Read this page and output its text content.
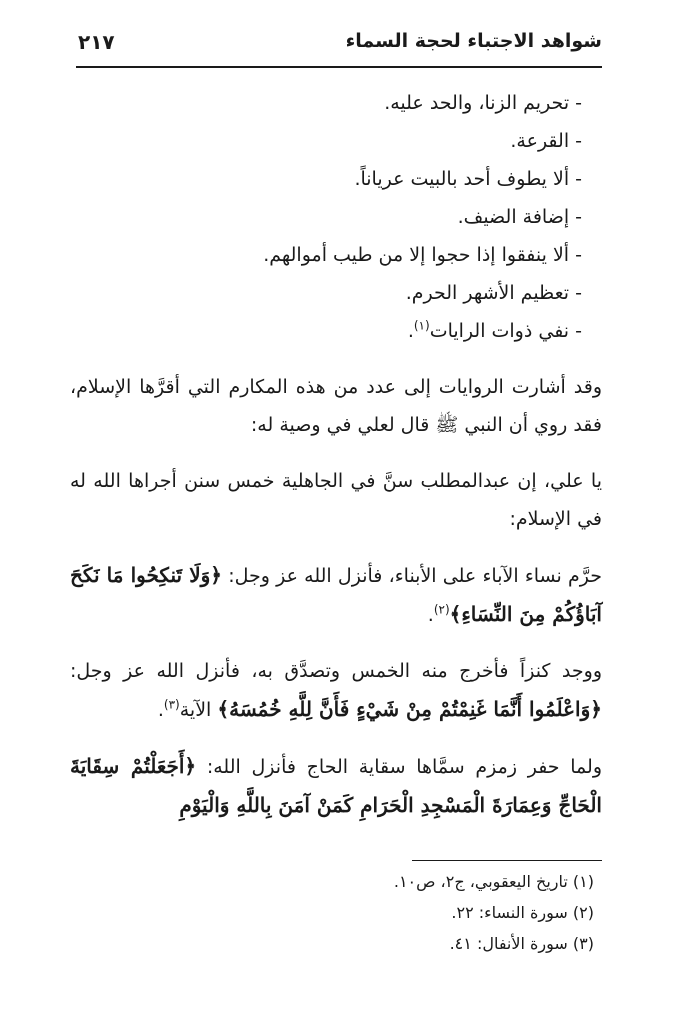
شواهد الاجتباء لحجة السماء
٢١٧
- تحريم الزنا، والحد عليه.
- القرعة.
- ألا يطوف أحد بالبيت عرياناً.
- إضافة الضيف.
- ألا ينفقوا إذا حجوا إلا من طيب أموالهم.
- تعظيم الأشهر الحرم.
- نفي ذوات الرايات$^{(١)}$.

وقد أشارت الروايات إلى عدد من هذه المكارم التي أقرَّها الإسلام، فقد روي أن النبي ﷺ قال لعلي في وصية له:

يا علي، إن عبدالمطلب سنَّ في الجاهلية خمس سنن أجراها الله له في الإسلام:

حرَّم نساء الآباء على الأبناء، فأنزل الله عز وجل: ﴿وَلَا تَنكِحُوا مَا نَكَحَ آبَاؤُكُمْ مِنَ النِّسَاءِ﴾$^{(٢)}$.

ووجد كنزاً فأخرج منه الخمس وتصدَّق به، فأنزل الله عز وجل: ﴿وَاعْلَمُوا أَنَّمَا غَنِمْتُمْ مِنْ شَيْءٍ فَأَنَّ لِلَّهِ خُمُسَهُ﴾ الآية$^{(٣)}$.

ولما حفر زمزم سمَّاها سقاية الحاج فأنزل الله: ﴿أَجَعَلْتُمْ سِقَايَةَ الْحَاجِّ وَعِمَارَةَ الْمَسْجِدِ الْحَرَامِ كَمَنْ آمَنَ بِاللَّهِ وَالْيَوْمِ

(١) تاريخ اليعقوبي، ج٢، ص١٠.
(٢) سورة النساء: ٢٢.
(٣) سورة الأنفال: ٤١.
